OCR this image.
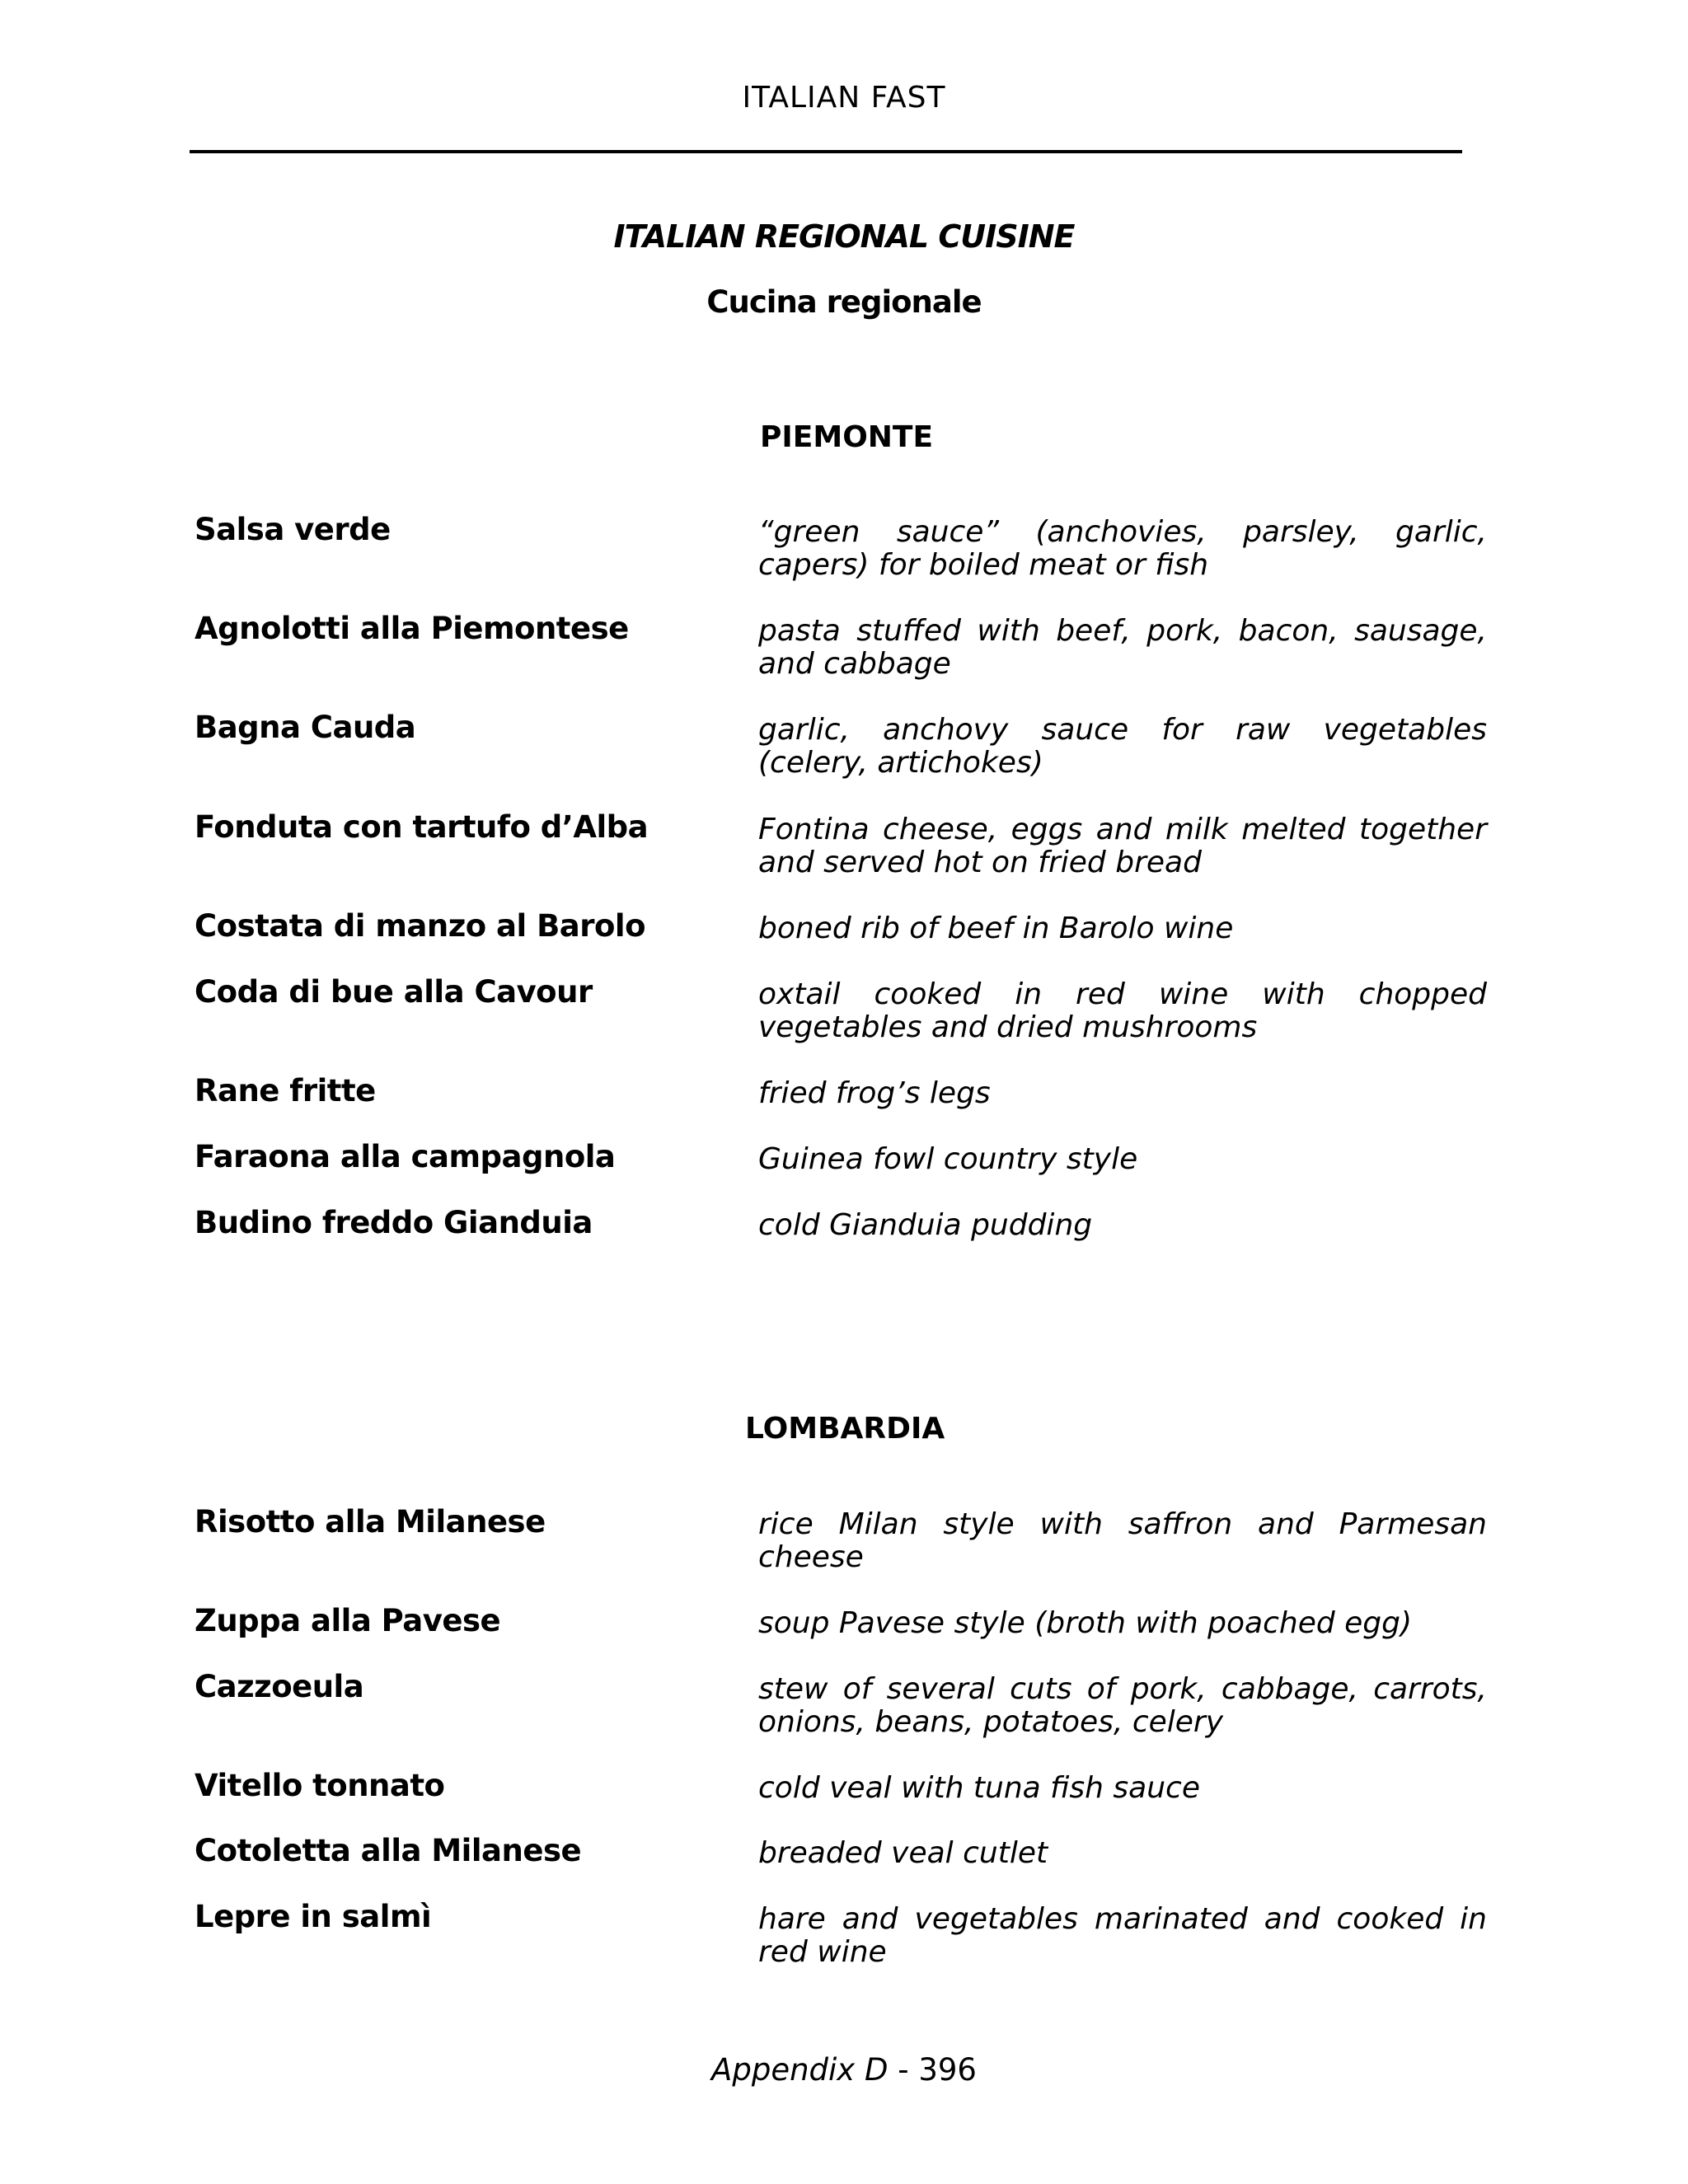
ITALIAN FAST
ITALIAN REGIONAL CUISINE
Cucina regionale
PIEMONTE
Salsa verde	“green sauce” (anchovies, parsley, garlic, capers) for boiled meat or fish
Agnolotti alla Piemontese	pasta stuffed with beef, pork, bacon, sausage, and cabbage
Bagna Cauda	garlic, anchovy sauce for raw vegetables (celery, artichokes)
Fonduta con tartufo d’Alba	Fontina cheese, eggs and milk melted together and served hot on fried bread
Costata di manzo al Barolo	boned rib of beef in Barolo wine
Coda di bue alla Cavour	oxtail cooked in red wine with chopped vegetables and dried mushrooms
Rane fritte	fried frog’s legs
Faraona alla campagnola	Guinea fowl country style
Budino freddo Gianduia	cold Gianduia pudding
LOMBARDIA
Risotto alla Milanese	rice Milan style with saffron and Parmesan cheese
Zuppa alla Pavese	soup Pavese style (broth with poached egg)
Cazzoeula	stew of several cuts of pork, cabbage, carrots, onions, beans, potatoes, celery
Vitello tonnato	cold veal with tuna fish sauce
Cotoletta alla Milanese	breaded veal cutlet
Lepre in salmì	hare and vegetables marinated and cooked in red wine
Appendix D - 396
